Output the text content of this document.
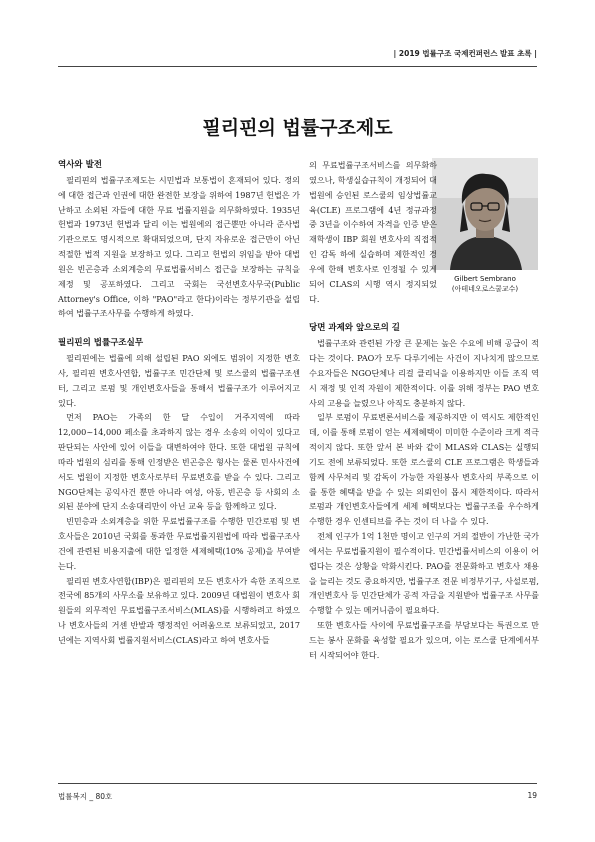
| 2019 법률구조 국제컨퍼런스 발표 초록 |
필리핀의 법률구조제도
역사와 발전

필리핀의 법률구조제도는 시민법과 보통법이 혼재되어 있다. 정의에 대한 접근과 인권에 대한 완전한 보장을 위하여 1987년 헌법은 가난하고 소외된 자들에 대한 무료 법률지원을 의무화하였다. 1935년 헌법과 1973년 헌법과 달리 이는 법원에의 접근뿐만 아니라 준사법기관으로도 명시적으로 확대되었으며, 단지 자유로운 접근만이 아닌 적절한 법적 지원을 보장하고 있다. 그리고 헌법의 위임을 받아 대법원은 빈곤층과 소외계층의 무료법률서비스 접근을 보장하는 규칙을 제정 및 공포하였다. 그리고 국회는 국선변호사무국(Public Attorney's Office, 이하 "PAO"라고 한다)이라는 정부기관을 설립하여 법률구조사무를 수행하게 하였다.

필리핀의 법률구조실무

필리핀에는 법률에 의해 설립된 PAO 외에도 범위이 지정한 변호사, 필리핀 변호사연합, 법률구조 민간단체 및 로스쿨의 법률구조센터, 그리고 로펌 및 개인변호사들을 통해서 법률구조가 이루어지고 있다.

먼저 PAO는 가족의 한 달 수입이 거주지역에 따라 12,000~14,000 페소를 초과하지 않는 경우 소송의 이익이 있다고 판단되는 사안에 있어 이들을 대변하여야 한다. 또한 대법원 규칙에 따라 법원의 심리를 통해 인정받은 빈곤층은 형사는 물론 민사사건에서도 법원이 지정한 변호사로부터 무료변호를 받을 수 있다. 그리고 NGO단체는 공익사건 뿐만 아니라 여성, 아동, 빈곤층 등 사회의 소외된 분야에 단지 소송대리만이 아닌 교육 등을 함께하고 있다.

빈민층과 소외계층을 위한 무료법률구조를 수행한 민간로펌 및 변호사들은 2010년 국회를 통과한 무료법률지원법에 따라 법률구조사건에 관련된 비용지출에 대한 일정한 세제혜택(10% 공제)을 부여받는다.

필리핀 변호사연합(IBP)은 필리핀의 모든 변호사가 속한 조직으로 전국에 85개의 사무소를 보유하고 있다. 2009년 대법원이 변호사 회원들의 의무적인 무료법률구조서비스(MLAS)를 시행하려고 하였으나 변호사들의 거센 반발과 행정적인 어려움으로 보류되었고, 2017년에는 지역사회 법률지원서비스(CLAS)라고 하여 변호사들

Gilbert Sembrano
(아테네오로스쿨교수)

의 무료법률구조서비스를 의무화하였으나, 학생실습규칙이 개정되어 대법원에 승인된 로스쿨의 임상법률교육(CLE) 프로그램에 4년 정규과정 중 3년을 이수하여 자격을 인증 받은 재학생이 IBP 회원 변호사의 직접적인 감독 하에 실습하며 제한적인 경우에 한해 변호사로 인정될 수 있게 되어 CLAS의 시행 역시 정지되었다.

당면 과제와 앞으로의 길

법률구조와 관련된 가장 큰 문제는 높은 수요에 비해 공급이 적다는 것이다. PAO가 모두 다루기에는 사건이 지나치게 많으므로 수요자들은 NGO단체나 리걸 클리닉을 이용하지만 이들 조직 역시 재정 및 인적 자원이 제한적이다. 이를 위해 정부는 PAO 변호사의 고용을 늘렸으나 아직도 충분하지 않다.

일부 로펌이 무료변론서비스를 제공하지만 이 역시도 제한적인데, 이를 통해 로펌이 얻는 세제혜택이 미미한 수준이라 크게 적극적이지 않다. 또한 앞서 본 바와 같이 MLAS와 CLAS는 실행되기도 전에 보류되었다. 또한 로스쿨의 CLE 프로그램은 학생들과 함께 사무처리 및 감독이 가능한 자원봉사 변호사의 부족으로 이를 통한 혜택을 받을 수 있는 의뢰인이 몹시 제한적이다. 따라서 로펌과 개인변호사들에게 세제 혜택보다는 법률구조를 우수하게 수행한 경우 인센티브를 주는 것이 더 나을 수 있다.

전체 인구가 1억 1천만 명이고 인구의 거의 절반이 가난한 국가에서는 무료법률지원이 필수적이다. 민간법률서비스의 이용이 어렵다는 것은 상황을 악화시킨다. PAO를 전문화하고 변호사 채용을 늘리는 것도 중요하지만, 법률구조 전문 비정부기구, 사설로펌, 개인변호사 등 민간단체가 공적 자금을 지원받아 법률구조 사무를 수행할 수 있는 메커니즘이 필요하다.

또한 변호사들 사이에 무료법률구조를 부담보다는 특권으로 만드는 봉사 문화를 육성할 필요가 있으며, 이는 로스쿨 단계에서부터 시작되어야 한다.

법률복지 _ 80호	19
